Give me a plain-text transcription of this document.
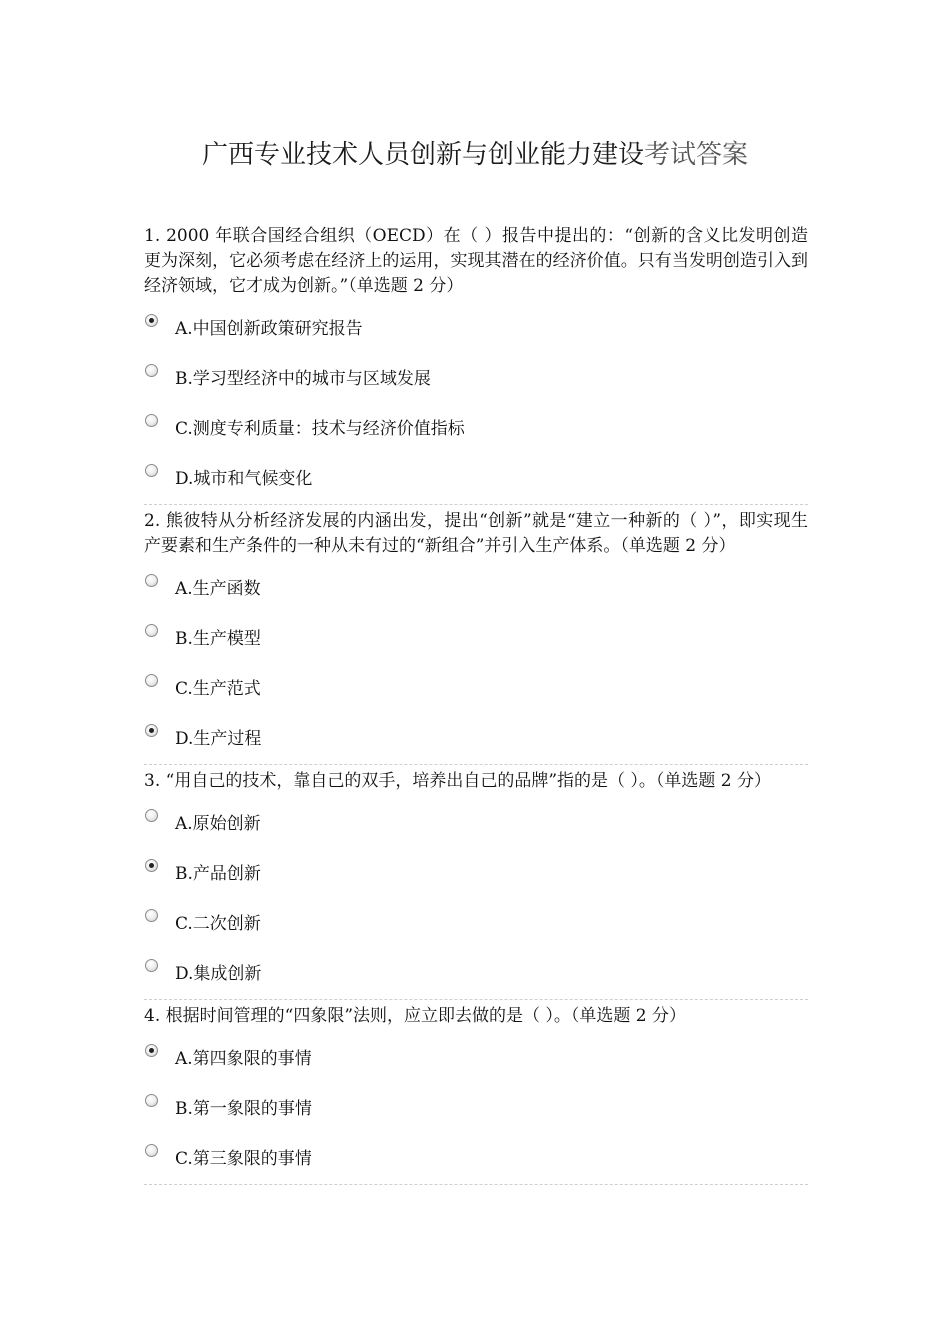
广西专业技术人员创新与创业能力建设考试答案

1. 2000 年联合国经合组织（OECD）在（ ）报告中提出的：“创新的含义比发明创造更为深刻，它必须考虑在经济上的运用，实现其潜在的经济价值。只有当发明创造引入到经济领域，它才成为创新。”（单选题 2 分）

A.中国创新政策研究报告
B.学习型经济中的城市与区域发展
C.测度专利质量：技术与经济价值指标
D.城市和气候变化

2. 熊彼特从分析经济发展的内涵出发，提出“创新”就是“建立一种新的（ ）”，即实现生产要素和生产条件的一种从未有过的“新组合”并引入生产体系。（单选题 2 分）

A.生产函数
B.生产模型
C.生产范式
D.生产过程

3. “用自己的技术，靠自己的双手，培养出自己的品牌”指的是（ ）。（单选题 2 分）

A.原始创新
B.产品创新
C.二次创新
D.集成创新

4. 根据时间管理的“四象限”法则，应立即去做的是（ ）。（单选题 2 分）

A.第四象限的事情
B.第一象限的事情
C.第三象限的事情
